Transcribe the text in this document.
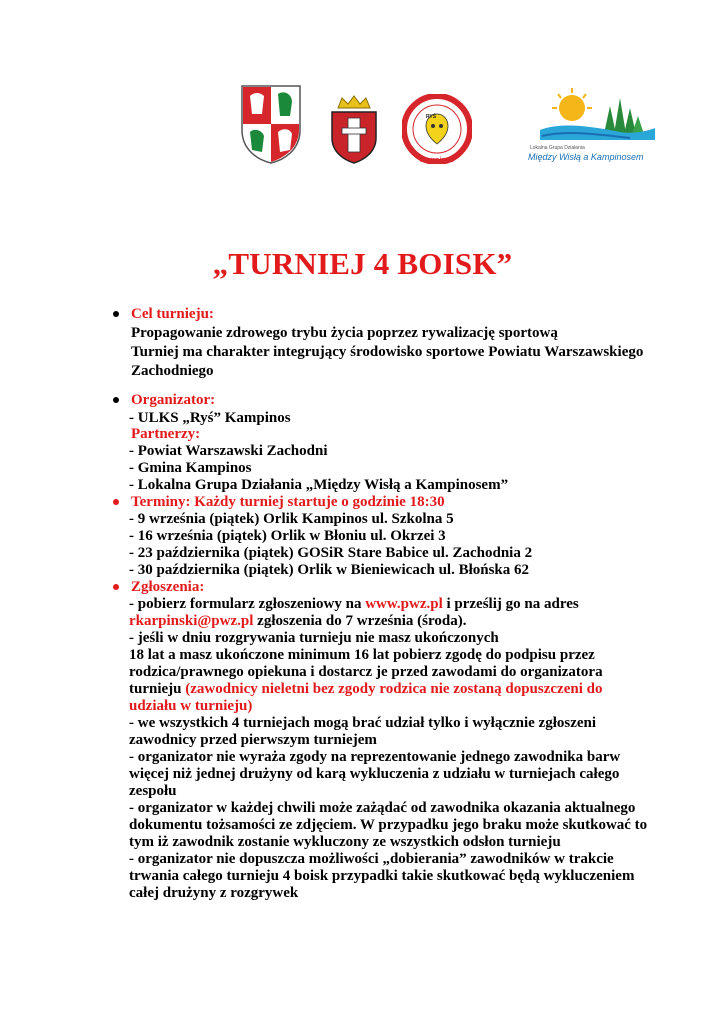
RYŚ
Kampinos
Lokalna Grupa Działania
Między Wisłą a Kampinosem
„TURNIEJ 4 BOISK”
Cel turnieju:
Propagowanie zdrowego trybu życia poprzez rywalizację sportową
Turniej ma charakter integrujący środowisko sportowe Powiatu Warszawskiego
Zachodniego
Organizator:
- ULKS „Ryś” Kampinos
Partnerzy:
- Powiat Warszawski Zachodni
- Gmina Kampinos
- Lokalna Grupa Działania „Między Wisłą a Kampinosem”
Terminy: Każdy turniej startuje o godzinie 18:30
- 9 września (piątek) Orlik Kampinos ul. Szkolna 5
- 16 września (piątek) Orlik w Błoniu ul. Okrzei 3
- 23 października (piątek) GOSiR Stare Babice ul. Zachodnia 2
- 30 października (piątek) Orlik w Bieniewicach ul. Błońska 62
Zgłoszenia:
- pobierz formularz zgłoszeniowy na www.pwz.pl i prześlij go na adres
rkarpinski@pwz.pl zgłoszenia do 7 września (środa).
- jeśli w dniu rozgrywania turnieju nie masz ukończonych
18 lat a masz ukończone minimum 16 lat pobierz zgodę do podpisu przez
rodzica/prawnego opiekuna i dostarcz je przed zawodami do organizatora
turnieju (zawodnicy nieletni bez zgody rodzica nie zostaną dopuszczeni do
udziału w turnieju)
- we wszystkich 4 turniejach mogą brać udział tylko i wyłącznie zgłoszeni
zawodnicy przed pierwszym turniejem
- organizator nie wyraża zgody na reprezentowanie jednego zawodnika barw
więcej niż jednej drużyny od karą wykluczenia z udziału w turniejach całego
zespołu
- organizator w każdej chwili może zażądać od zawodnika okazania aktualnego
dokumentu tożsamości ze zdjęciem. W przypadku jego braku może skutkować to
tym iż zawodnik zostanie wykluczony ze wszystkich odsłon turnieju
- organizator nie dopuszcza możliwości „dobierania” zawodników w trakcie
trwania całego turnieju 4 boisk przypadki takie skutkować będą wykluczeniem
całej drużyny z rozgrywek
